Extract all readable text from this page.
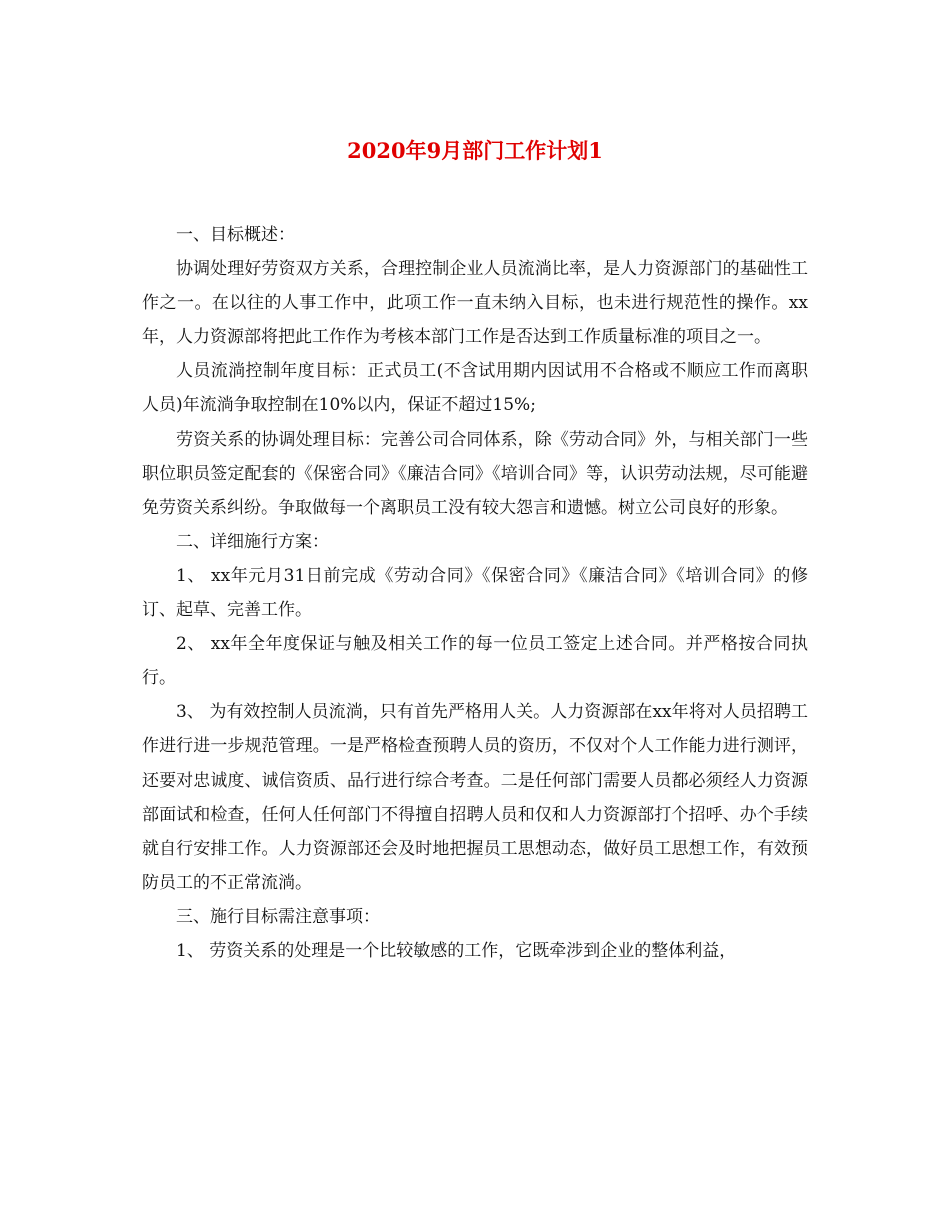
2020年9月部门工作计划1

一、目标概述：

协调处理好劳资双方关系，合理控制企业人员流淌比率，是人力资源部门的基础性工作之一。在以往的人事工作中，此项工作一直未纳入目标，也未进行规范性的操作。xx年，人力资源部将把此工作作为考核本部门工作是否达到工作质量标准的项目之一。

人员流淌控制年度目标：正式员工(不含试用期内因试用不合格或不顺应工作而离职人员)年流淌争取控制在10%以内，保证不超过15%;

劳资关系的协调处理目标：完善公司合同体系，除《劳动合同》外，与相关部门一些职位职员签定配套的《保密合同》《廉洁合同》《培训合同》等，认识劳动法规，尽可能避免劳资关系纠纷。争取做每一个离职员工没有较大怨言和遗憾。树立公司良好的形象。

二、详细施行方案：

1、 xx年元月31日前完成《劳动合同》《保密合同》《廉洁合同》《培训合同》的修订、起草、完善工作。

2、 xx年全年度保证与触及相关工作的每一位员工签定上述合同。并严格按合同执行。

3、 为有效控制人员流淌，只有首先严格用人关。人力资源部在xx年将对人员招聘工作进行进一步规范管理。一是严格检查预聘人员的资历，不仅对个人工作能力进行测评，还要对忠诚度、诚信资质、品行进行综合考查。二是任何部门需要人员都必须经人力资源部面试和检查，任何人任何部门不得擅自招聘人员和仅和人力资源部打个招呼、办个手续就自行安排工作。人力资源部还会及时地把握员工思想动态，做好员工思想工作，有效预防员工的不正常流淌。

三、施行目标需注意事项：

1、 劳资关系的处理是一个比较敏感的工作，它既牵涉到企业的整体利益，
